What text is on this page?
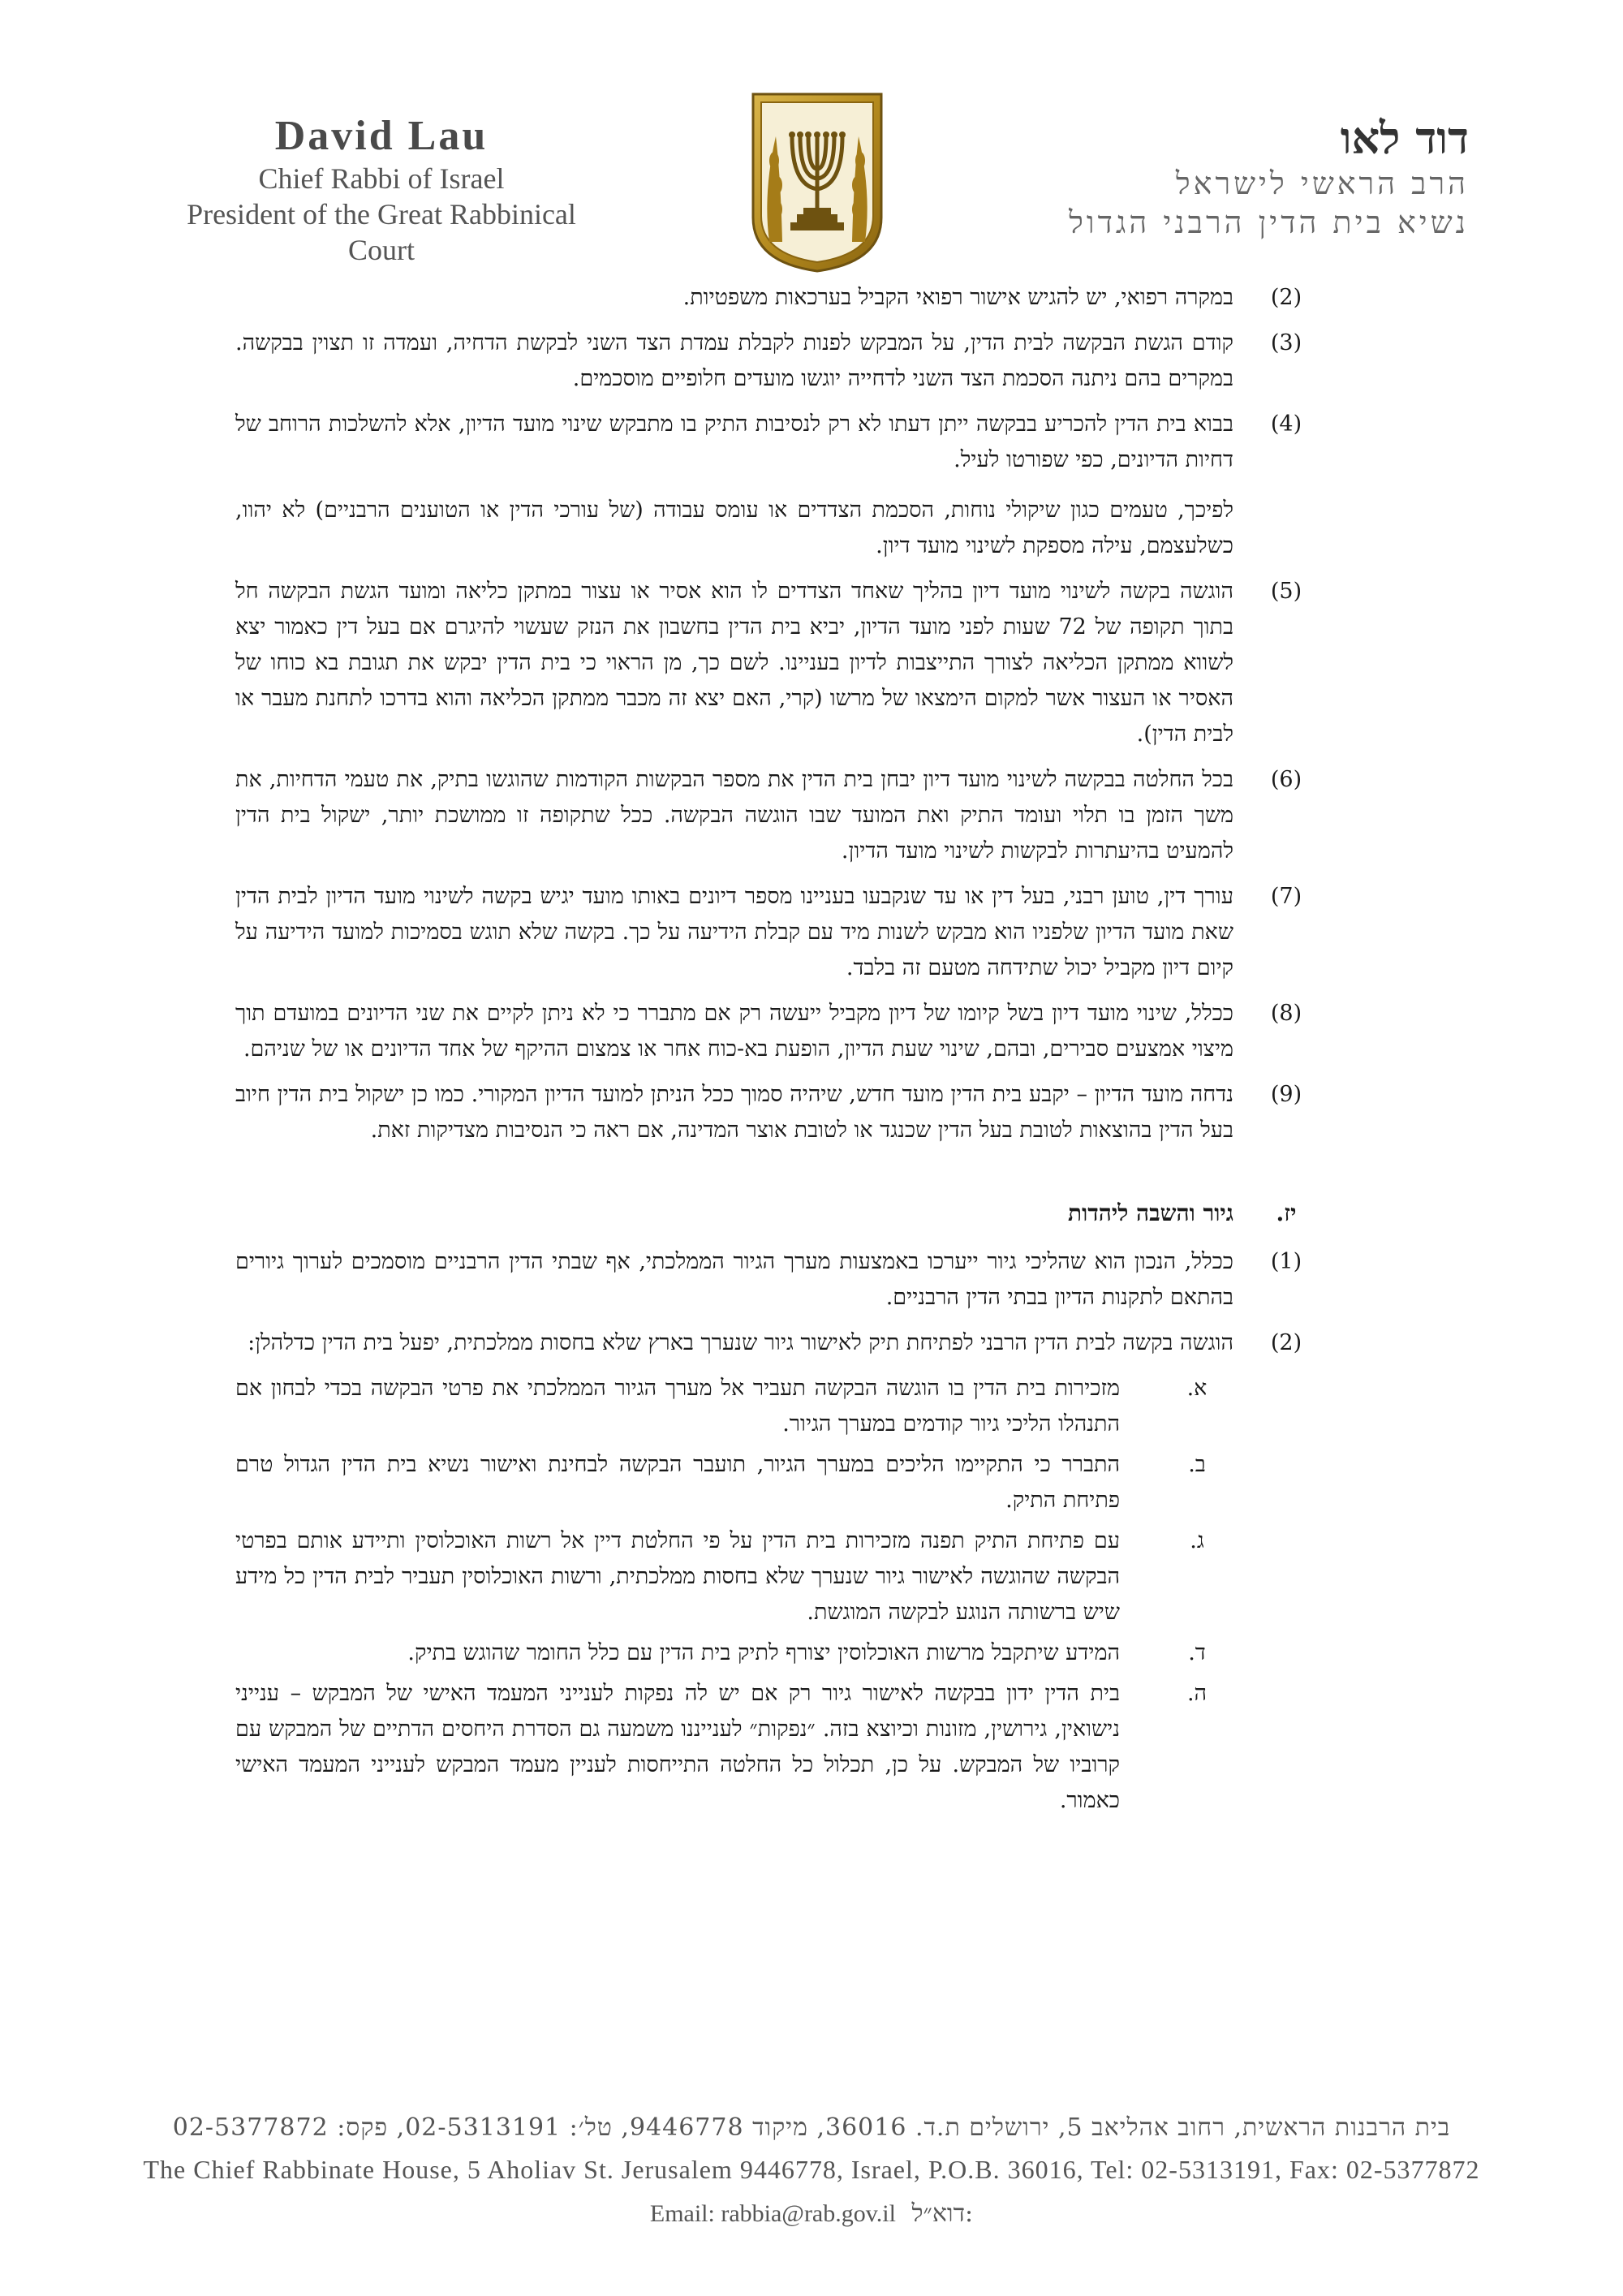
David Lau
Chief Rabbi of Israel
President of the Great Rabbinical Court
דוד לאו
הרב הראשי לישראל
נשיא בית הדין הרבני הגדול
(2)

במקרה רפואי, יש להגיש אישור רפואי הקביל בערכאות משפטיות.

(3)

קודם הגשת הבקשה לבית הדין, על המבקש לפנות לקבלת עמדת הצד השני לבקשת הדחיה, ועמדה זו תצוין בבקשה. במקרים בהם ניתנה הסכמת הצד השני לדחייה יוגשו מועדים חלופיים מוסכמים.

(4)

בבוא בית הדין להכריע בבקשה ייתן דעתו לא רק לנסיבות התיק בו מתבקש שינוי מועד הדיון, אלא להשלכות הרוחב של דחיות הדיונים, כפי שפורטו לעיל.

לפיכך, טעמים כגון שיקולי נוחות, הסכמת הצדדים או עומס עבודה (של עורכי הדין או הטוענים הרבניים) לא יהוו, כשלעצמם, עילה מספקת לשינוי מועד דיון.

(5)

הוגשה בקשה לשינוי מועד דיון בהליך שאחד הצדדים לו הוא אסיר או עצור במתקן כליאה ומועד הגשת הבקשה חל בתוך תקופה של 72 שעות לפני מועד הדיון, יביא בית הדין בחשבון את הנזק שעשוי להיגרם אם בעל דין כאמור יצא לשווא ממתקן הכליאה לצורך התייצבות לדיון בעניינו. לשם כך, מן הראוי כי בית הדין יבקש את תגובת בא כוחו של האסיר או העצור אשר למקום הימצאו של מרשו (קרי, האם יצא זה מכבר ממתקן הכליאה והוא בדרכו לתחנת מעבר או לבית הדין).

(6)

בכל החלטה בבקשה לשינוי מועד דיון יבחן בית הדין את מספר הבקשות הקודמות שהוגשו בתיק, את טעמי הדחיות, את משך הזמן בו תלוי ועומד התיק ואת המועד שבו הוגשה הבקשה. ככל שתקופה זו ממושכת יותר, ישקול בית הדין להמעיט בהיעתרות לבקשות לשינוי מועד הדיון.

(7)

עורך דין, טוען רבני, בעל דין או עד שנקבעו בעניינו מספר דיונים באותו מועד יגיש בקשה לשינוי מועד הדיון לבית הדין שאת מועד הדיון שלפניו הוא מבקש לשנות מיד עם קבלת הידיעה על כך. בקשה שלא תוגש בסמיכות למועד הידיעה על קיום דיון מקביל יכול שתידחה מטעם זה בלבד.

(8)

ככלל, שינוי מועד דיון בשל קיומו של דיון מקביל ייעשה רק אם מתברר כי לא ניתן לקיים את שני הדיונים במועדם תוך מיצוי אמצעים סבירים, ובהם, שינוי שעת הדיון, הופעת בא-כוח אחר או צמצום ההיקף של אחד הדיונים או של שניהם.

(9)

נדחה מועד הדיון – יקבע בית הדין מועד חדש, שיהיה סמוך ככל הניתן למועד הדיון המקורי. כמו כן ישקול בית הדין חיוב בעל הדין בהוצאות לטובת בעל הדין שכנגד או לטובת אוצר המדינה, אם ראה כי הנסיבות מצדיקות זאת.

יז.
גיור והשבה ליהדות
(1)

ככלל, הנכון הוא שהליכי גיור ייערכו באמצעות מערך הגיור הממלכתי, אף שבתי הדין הרבניים מוסמכים לערוך גיורים בהתאם לתקנות הדיון בבתי הדין הרבניים.

(2)

הוגשה בקשה לבית הדין הרבני לפתיחת תיק לאישור גיור שנערך בארץ שלא בחסות ממלכתית, יפעל בית הדין כדלהלן:

א.
מזכירות בית הדין בו הוגשה הבקשה תעביר אל מערך הגיור הממלכתי את פרטי הבקשה בכדי לבחון אם התנהלו הליכי גיור קודמים במערך הגיור.
ב.
התברר כי התקיימו הליכים במערך הגיור, תועבר הבקשה לבחינת ואישור נשיא בית הדין הגדול טרם פתיחת התיק.
ג.
עם פתיחת התיק תפנה מזכירות בית הדין על פי החלטת דיין אל רשות האוכלוסין ותיידע אותם בפרטי הבקשה שהוגשה לאישור גיור שנערך שלא בחסות ממלכתית, ורשות האוכלוסין תעביר לבית הדין כל מידע שיש ברשותה הנוגע לבקשה המוגשת.
ד.
המידע שיתקבל מרשות האוכלוסין יצורף לתיק בית הדין עם כלל החומר שהוגש בתיק.
ה.
בית הדין ידון בבקשה לאישור גיור רק אם יש לה נפקות לענייני המעמד האישי של המבקש – ענייני נישואין, גירושין, מזונות וכיוצא בזה. ״נפקות״ לענייננו משמעה גם הסדרת היחסים הדתיים של המבקש עם קרוביו של המבקש. על כן, תכלול כל החלטה התייחסות לעניין מעמד המבקש לענייני המעמד האישי כאמור.
בית הרבנות הראשית, רחוב אהליאב 5, ירושלים ת.ד. 36016, מיקוד 9446778, טל׳: 02-5313191, פקס: 02-5377872
The Chief Rabbinate House, 5 Aholiav St. Jerusalem 9446778, Israel, P.O.B. 36016, Tel: 02-5313191, Fax: 02-5377872
Email: rabbia@rab.gov.il דוא״ל:
